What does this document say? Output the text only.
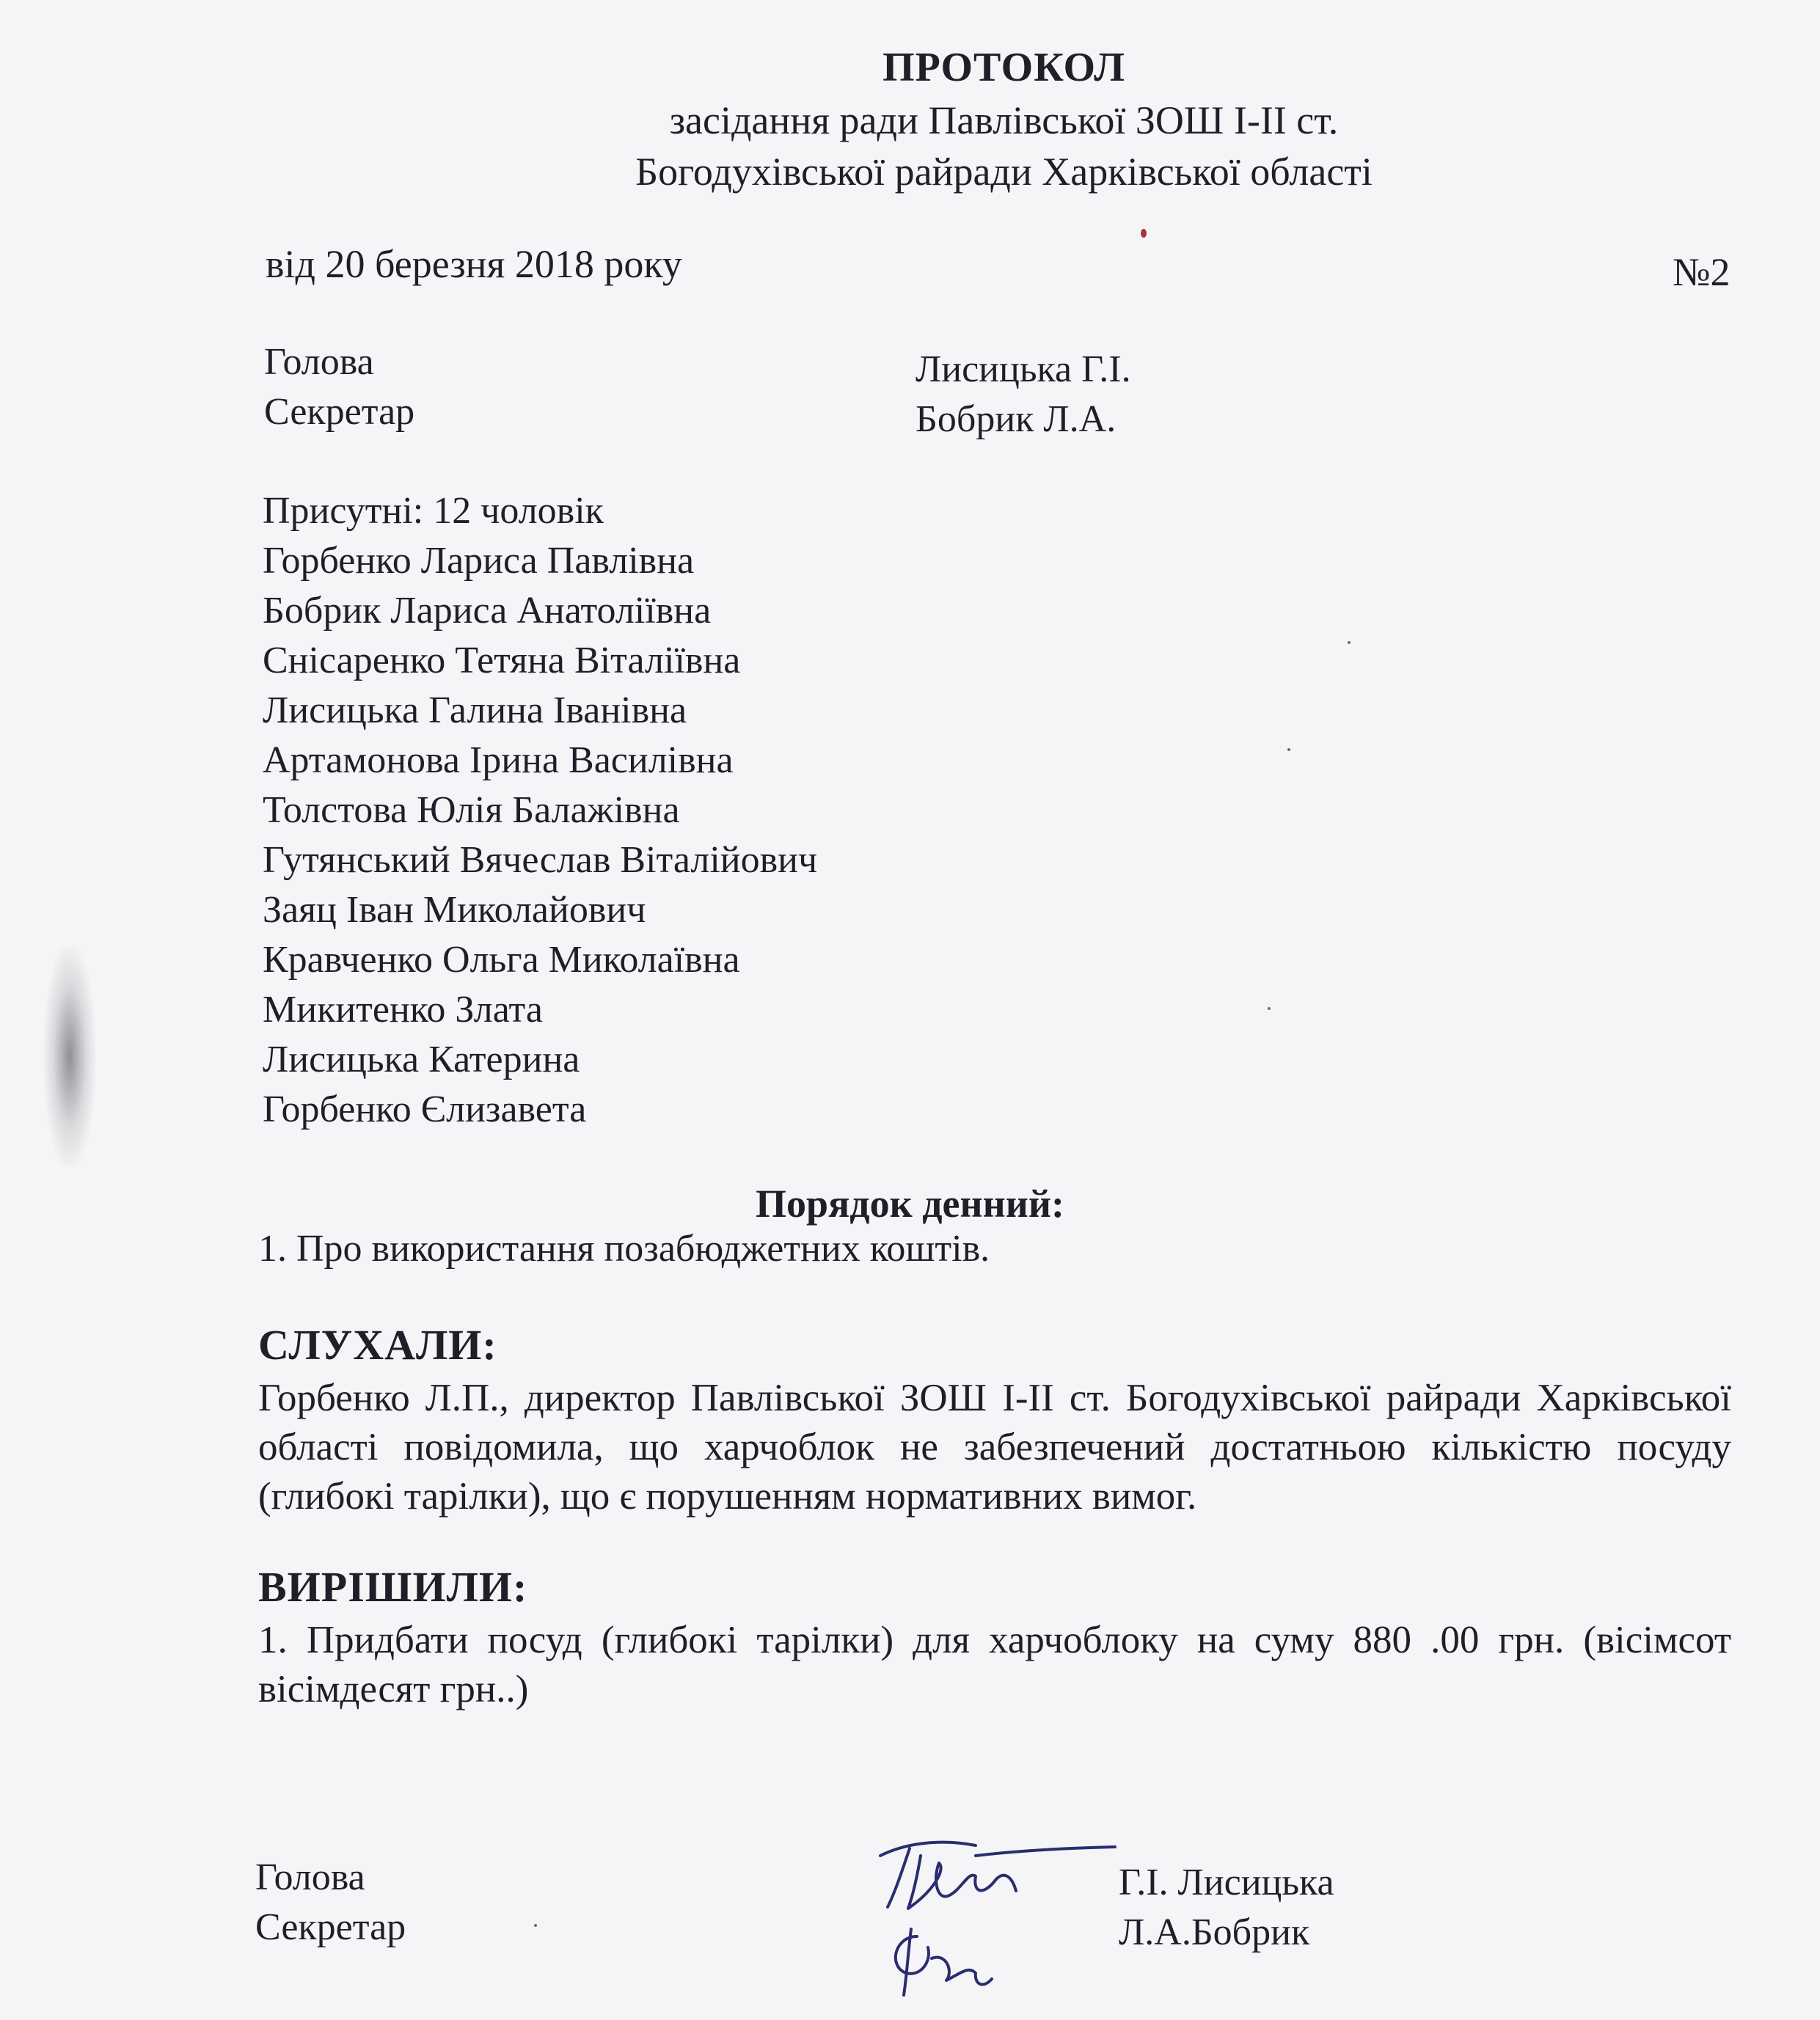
ПРОТОКОЛ
засідання ради Павлівської ЗОШ І-ІІ ст.
Богодухівської райради Харківської області
від 20 березня 2018 року	№2
Голова
Секретар
Лисицька Г.І.
Бобрик Л.А.
Присутні: 12 чоловік
Горбенко Лариса Павлівна
Бобрик Лариса Анатоліївна
Снісаренко Тетяна Віталіївна
Лисицька Галина Іванівна
Артамонова Ірина Василівна
Толстова Юлія Балажівна
Гутянський Вячеслав Віталійович
Заяц Іван Миколайович
Кравченко Ольга Миколаївна
Микитенко Злата
Лисицька Катерина
Горбенко Єлизавета
Порядок денний:
1. Про використання позабюджетних коштів.
СЛУХАЛИ:
Горбенко Л.П., директор Павлівської ЗОШ І-ІІ ст. Богодухівської райради Харківської області повідомила, що харчоблок не забезпечений достатньою кількістю посуду (глибокі тарілки), що є порушенням нормативних вимог.
ВИРІШИЛИ:
1. Придбати посуд (глибокі тарілки) для харчоблоку на суму 880 .00 грн. (вісімсот вісімдесят грн..)
Голова
Секретар
Г.І. Лисицька
Л.А.Бобрик
